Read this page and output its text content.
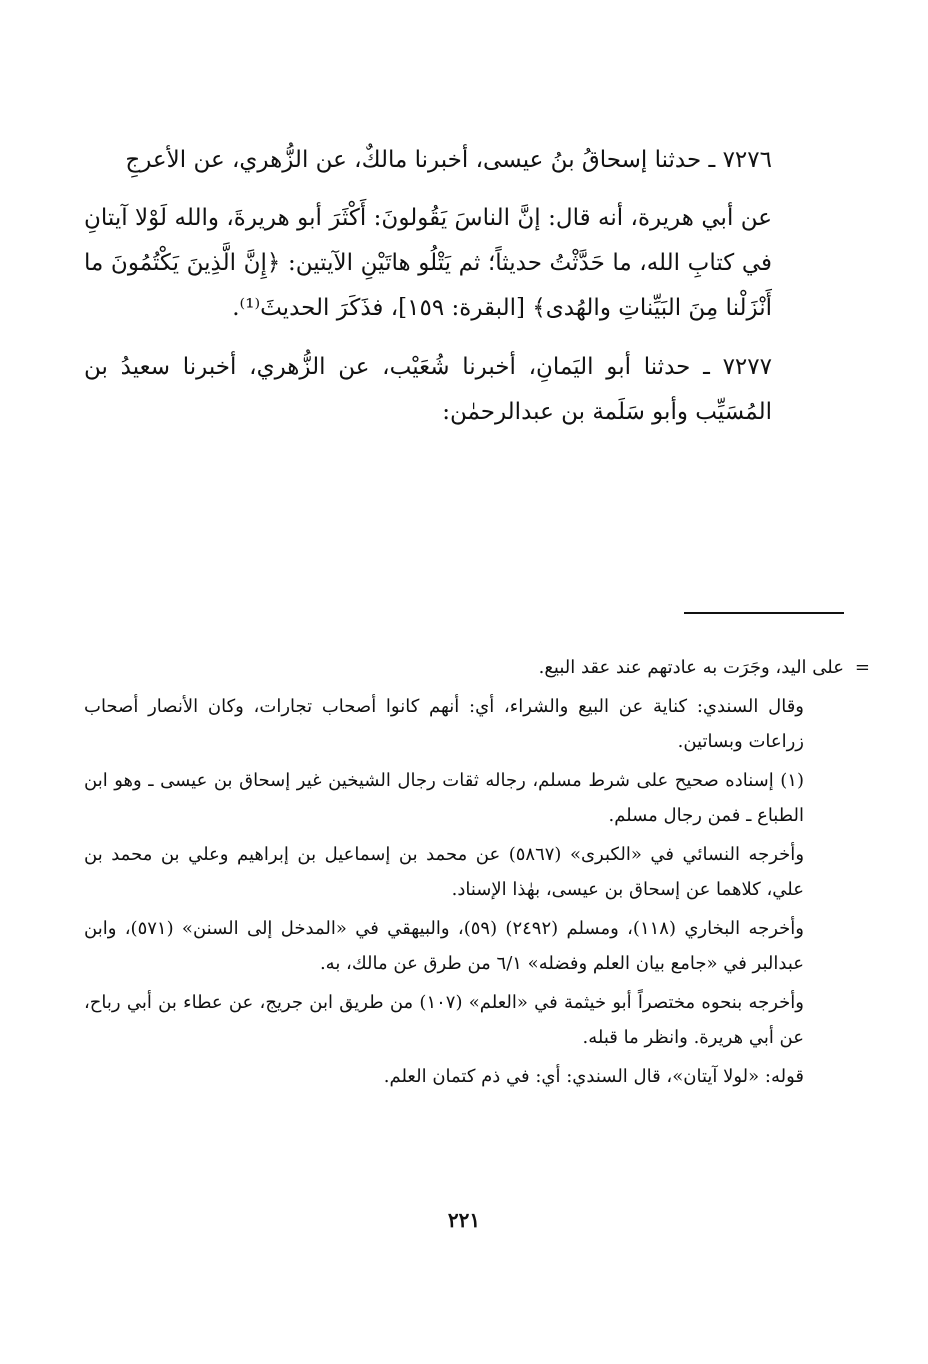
٧٢٧٦ ـ حدثنا إسحاقُ بنُ عيسى، أخبرنا مالكٌ، عن الزُّهري، عن الأعرجِ

عن أبي هريرة، أنه قال: إنَّ الناسَ يَقُولونَ: أَكْثَرَ أبو هريرةَ، والله لَوْلا آيتانِ في كتابِ الله، ما حَدَّثْتُ حديثاً؛ ثم يَتْلُو هاتَيْنِ الآيتين: ﴿إِنَّ الَّذِينَ يَكْتُمُونَ ما أَنْزَلْنا مِنَ البَيِّناتِ والهُدى﴾ [البقرة: ١٥٩]، فذَكَرَ الحديثَ⁽¹⁾.

٧٢٧٧ ـ حدثنا أبو اليَمانِ، أخبرنا شُعَيْب، عن الزُّهري، أخبرنا سعيدُ بن المُسَيِّب وأبو سَلَمة بن عبدالرحمٰن:

=
على اليد، وجَرَت به عادتهم عند عقد البيع.

وقال السندي: كناية عن البيع والشراء، أي: أنهم كانوا أصحاب تجارات، وكان الأنصار أصحاب زراعات وبساتين.

(١) إسناده صحيح على شرط مسلم، رجاله ثقات رجال الشيخين غير إسحاق بن عيسى ـ وهو ابن الطباع ـ فمن رجال مسلم.

وأخرجه النسائي في «الكبرى» (٥٨٦٧) عن محمد بن إسماعيل بن إبراهيم وعلي بن محمد بن علي، كلاهما عن إسحاق بن عيسى، بهٰذا الإسناد.

وأخرجه البخاري (١١٨)، ومسلم (٢٤٩٢) (٥٩)، والبيهقي في «المدخل إلى السنن» (٥٧١)، وابن عبدالبر في «جامع بيان العلم وفضله» ٦/١ من طرق عن مالك، به.

وأخرجه بنحوه مختصراً أبو خيثمة في «العلم» (١٠٧) من طريق ابن جريج، عن عطاء بن أبي رباح، عن أبي هريرة. وانظر ما قبله.

قوله: «لولا آيتان»، قال السندي: أي: في ذم كتمان العلم.

٢٢١
